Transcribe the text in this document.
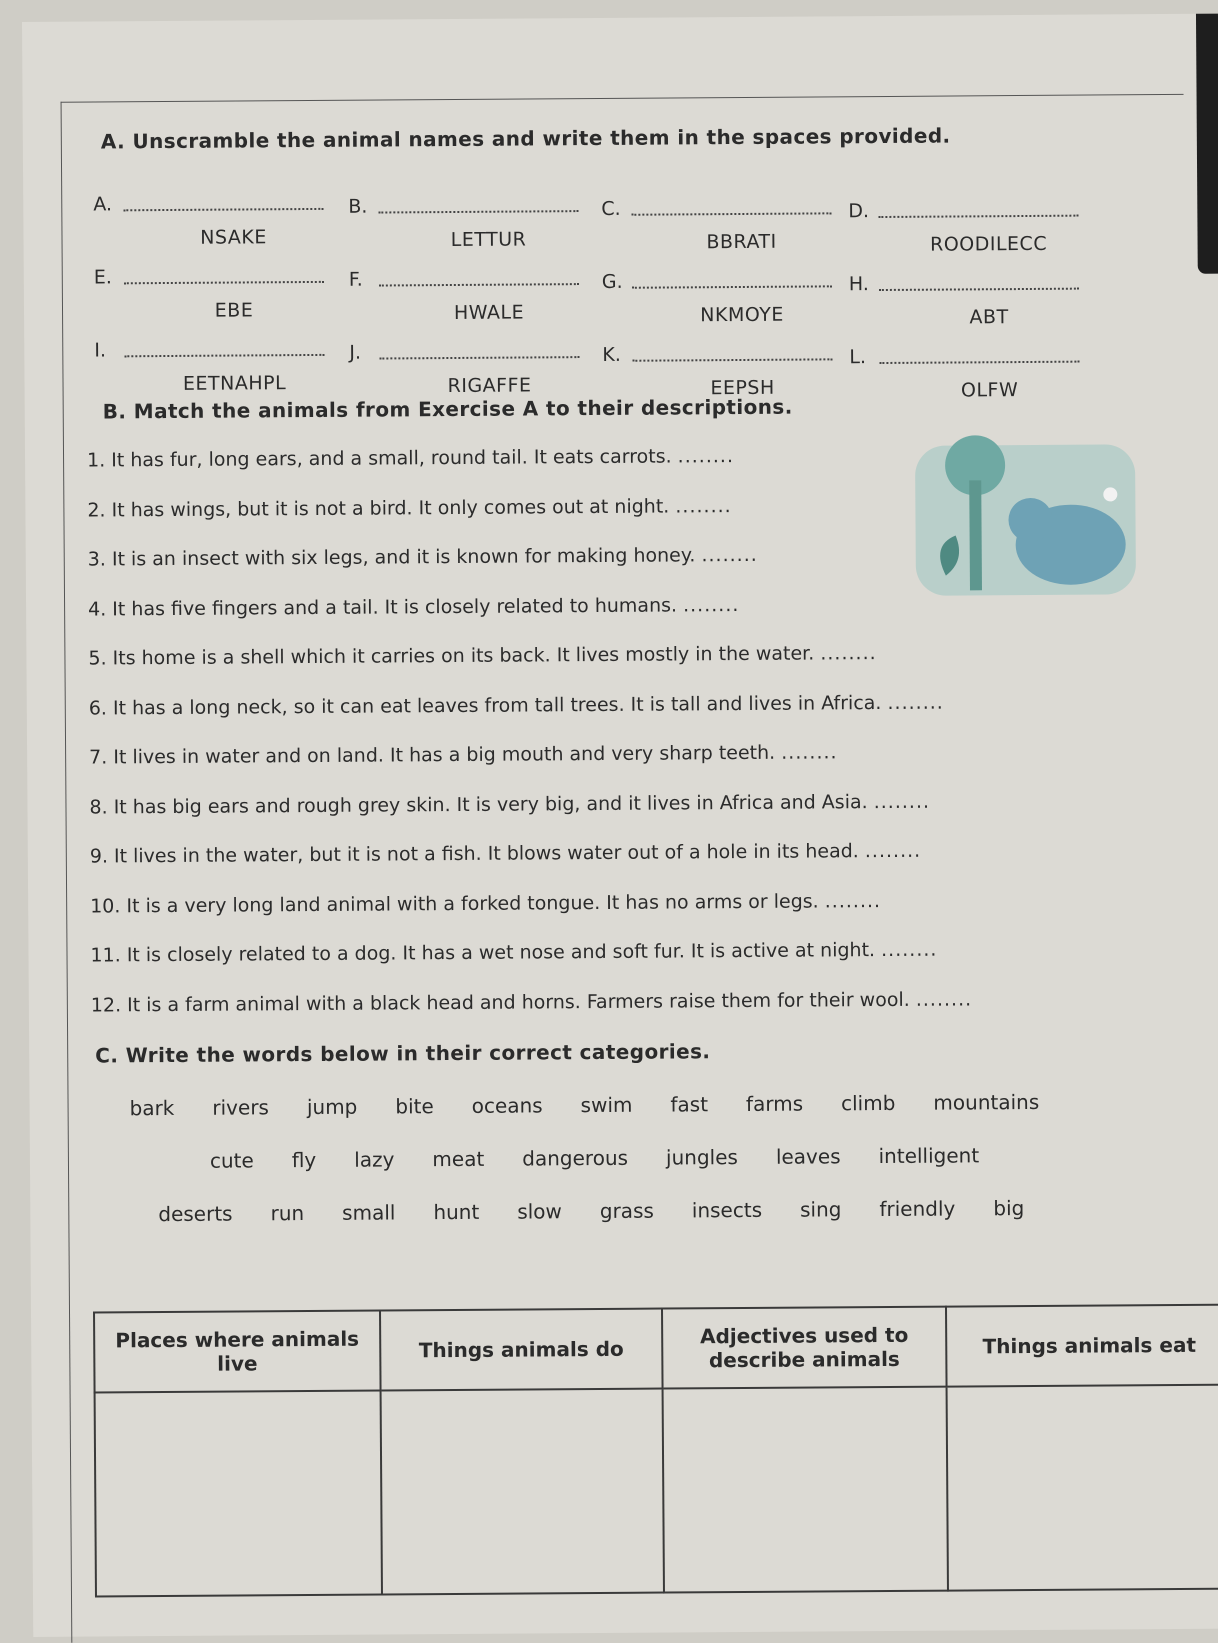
A. Unscramble the animal names and write them in the spaces provided.
A.
NSAKE
B.
LETTUR
C.
BBRATI
D.
ROODILECC
E.
EBE
F.
HWALE
G.
NKMOYE
H.
ABT
I.
EETNAHPL
J.
RIGAFFE
K.
EEPSH
L.
OLFW
B. Match the animals from Exercise A to their descriptions.
1. It has fur, long ears, and a small, round tail. It eats carrots. ........
2. It has wings, but it is not a bird. It only comes out at night. ........
3. It is an insect with six legs, and it is known for making honey. ........
4. It has five fingers and a tail. It is closely related to humans. ........
5. Its home is a shell which it carries on its back. It lives mostly in the water. ........
6. It has a long neck, so it can eat leaves from tall trees. It is tall and lives in Africa. ........
7. It lives in water and on land. It has a big mouth and very sharp teeth. ........
8. It has big ears and rough grey skin. It is very big, and it lives in Africa and Asia. ........
9. It lives in the water, but it is not a fish. It blows water out of a hole in its head. ........
10. It is a very long land animal with a forked tongue. It has no arms or legs. ........
11. It is closely related to a dog. It has a wet nose and soft fur. It is active at night. ........
12. It is a farm animal with a black head and horns. Farmers raise them for their wool. ........
C. Write the words below in their correct categories.
bark rivers jump bite oceans swim fast farms climb mountains
cute fly lazy meat dangerous jungles leaves intelligent
deserts run small hunt slow grass insects sing friendly big
Places where animals live	Things animals do	Adjectives used to describe animals	Things animals eat
